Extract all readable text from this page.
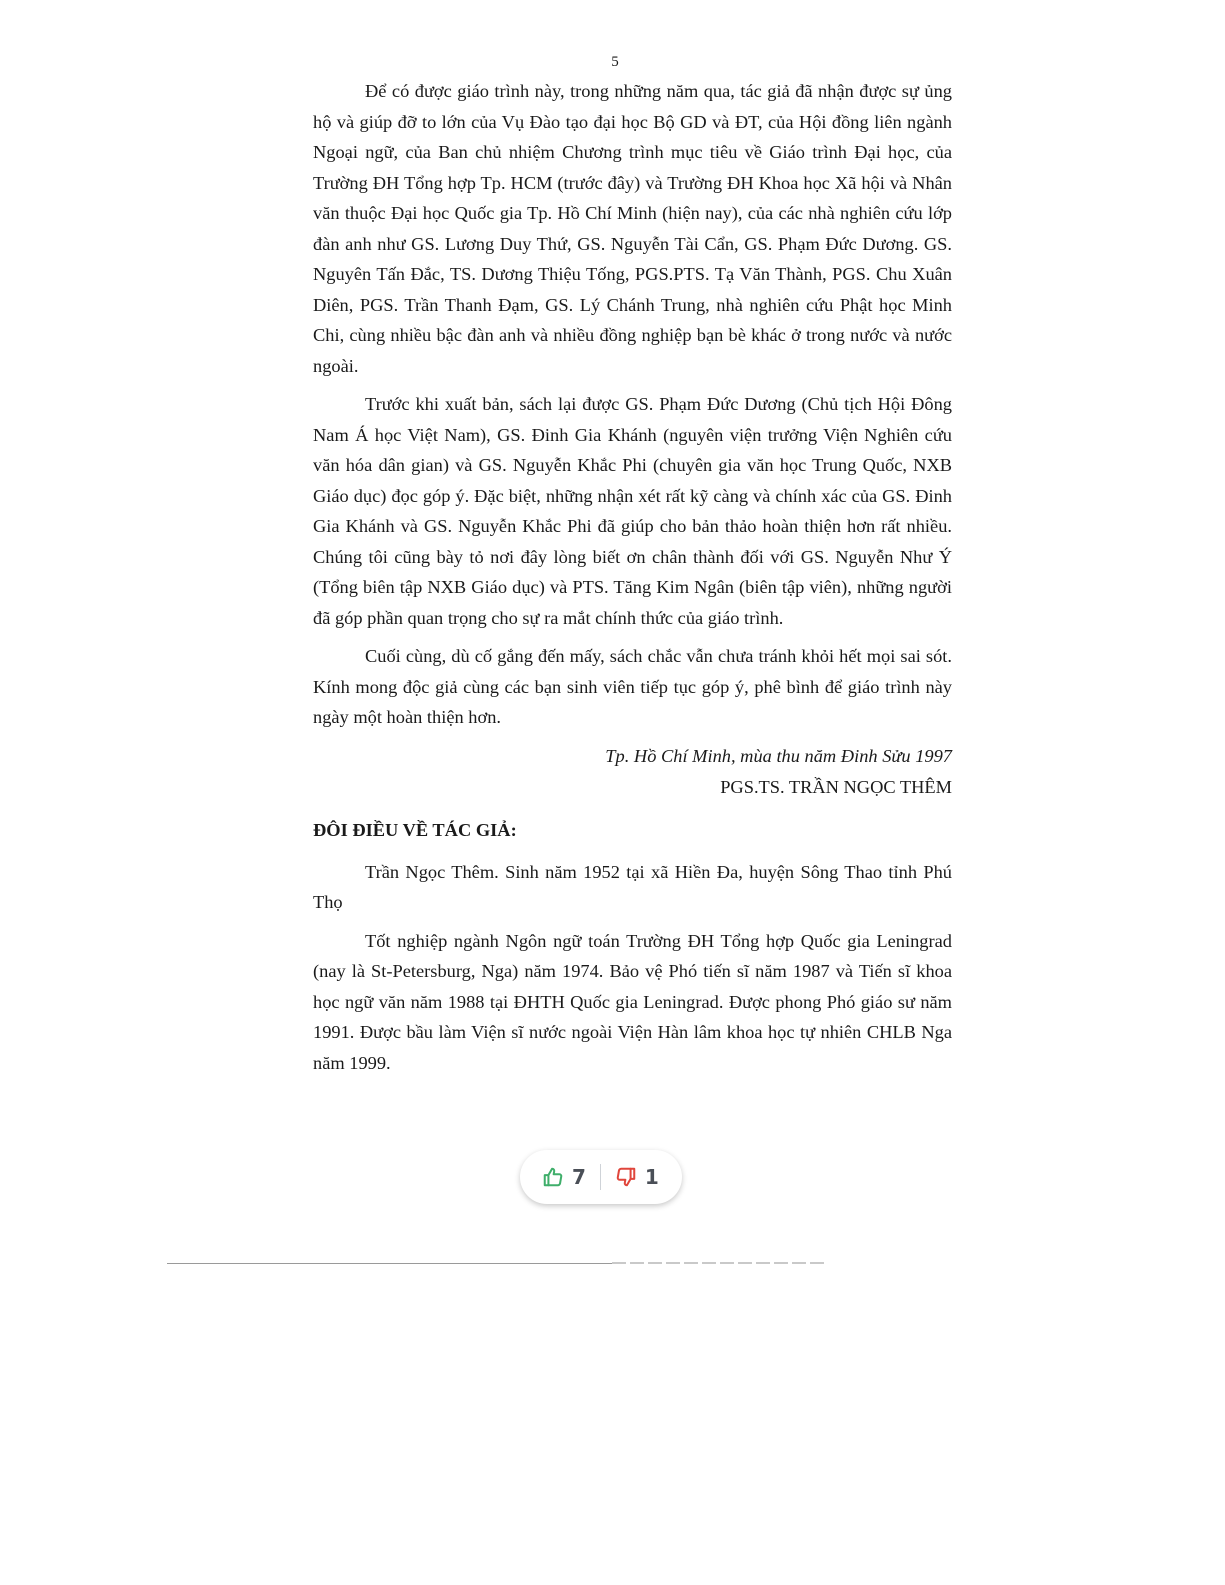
5

Để có được giáo trình này, trong những năm qua, tác giả đã nhận được sự ủng hộ và giúp đỡ to lớn của Vụ Đào tạo đại học Bộ GD và ĐT, của Hội đồng liên ngành Ngoại ngữ, của Ban chủ nhiệm Chương trình mục tiêu về Giáo trình Đại học, của Trường ĐH Tổng hợp Tp. HCM (trước đây) và Trường ĐH Khoa học Xã hội và Nhân văn thuộc Đại học Quốc gia Tp. Hồ Chí Minh (hiện nay), của các nhà nghiên cứu lớp đàn anh như GS. Lương Duy Thứ, GS. Nguyễn Tài Cẩn, GS. Phạm Đức Dương. GS. Nguyên Tấn Đắc, TS. Dương Thiệu Tống, PGS.PTS. Tạ Văn Thành, PGS. Chu Xuân Diên, PGS. Trần Thanh Đạm, GS. Lý Chánh Trung, nhà nghiên cứu Phật học Minh Chi, cùng nhiều bậc đàn anh và nhiều đồng nghiệp bạn bè khác ở trong nước và nước ngoài.

Trước khi xuất bản, sách lại được GS. Phạm Đức Dương (Chủ tịch Hội Đông Nam Á học Việt Nam), GS. Đinh Gia Khánh (nguyên viện trưởng Viện Nghiên cứu văn hóa dân gian) và GS. Nguyễn Khắc Phi (chuyên gia văn học Trung Quốc, NXB Giáo dục) đọc góp ý. Đặc biệt, những nhận xét rất kỹ càng và chính xác của GS. Đinh Gia Khánh và GS. Nguyễn Khắc Phi đã giúp cho bản thảo hoàn thiện hơn rất nhiều. Chúng tôi cũng bày tỏ nơi đây lòng biết ơn chân thành đối với GS. Nguyễn Như Ý (Tổng biên tập NXB Giáo dục) và PTS. Tăng Kim Ngân (biên tập viên), những người đã góp phần quan trọng cho sự ra mắt chính thức của giáo trình.

Cuối cùng, dù cố gắng đến mấy, sách chắc vẫn chưa tránh khỏi hết mọi sai sót. Kính mong độc giả cùng các bạn sinh viên tiếp tục góp ý, phê bình để giáo trình này ngày một hoàn thiện hơn.

Tp. Hồ Chí Minh, mùa thu năm Đinh Sửu 1997

PGS.TS. TRẦN NGỌC THÊM

ĐÔI ĐIỀU VỀ TÁC GIẢ:

Trần Ngọc Thêm. Sinh năm 1952 tại xã Hiền Đa, huyện Sông Thao tỉnh Phú Thọ

Tốt nghiệp ngành Ngôn ngữ toán Trường ĐH Tổng hợp Quốc gia Leningrad (nay là St-Petersburg, Nga) năm 1974. Bảo vệ Phó tiến sĩ năm 1987 và Tiến sĩ khoa học ngữ văn năm 1988 tại ĐHTH Quốc gia Leningrad. Được phong Phó giáo sư năm 1991. Được bầu làm Viện sĩ nước ngoài Viện Hàn lâm khoa học tự nhiên CHLB Nga năm 1999.

7	1
